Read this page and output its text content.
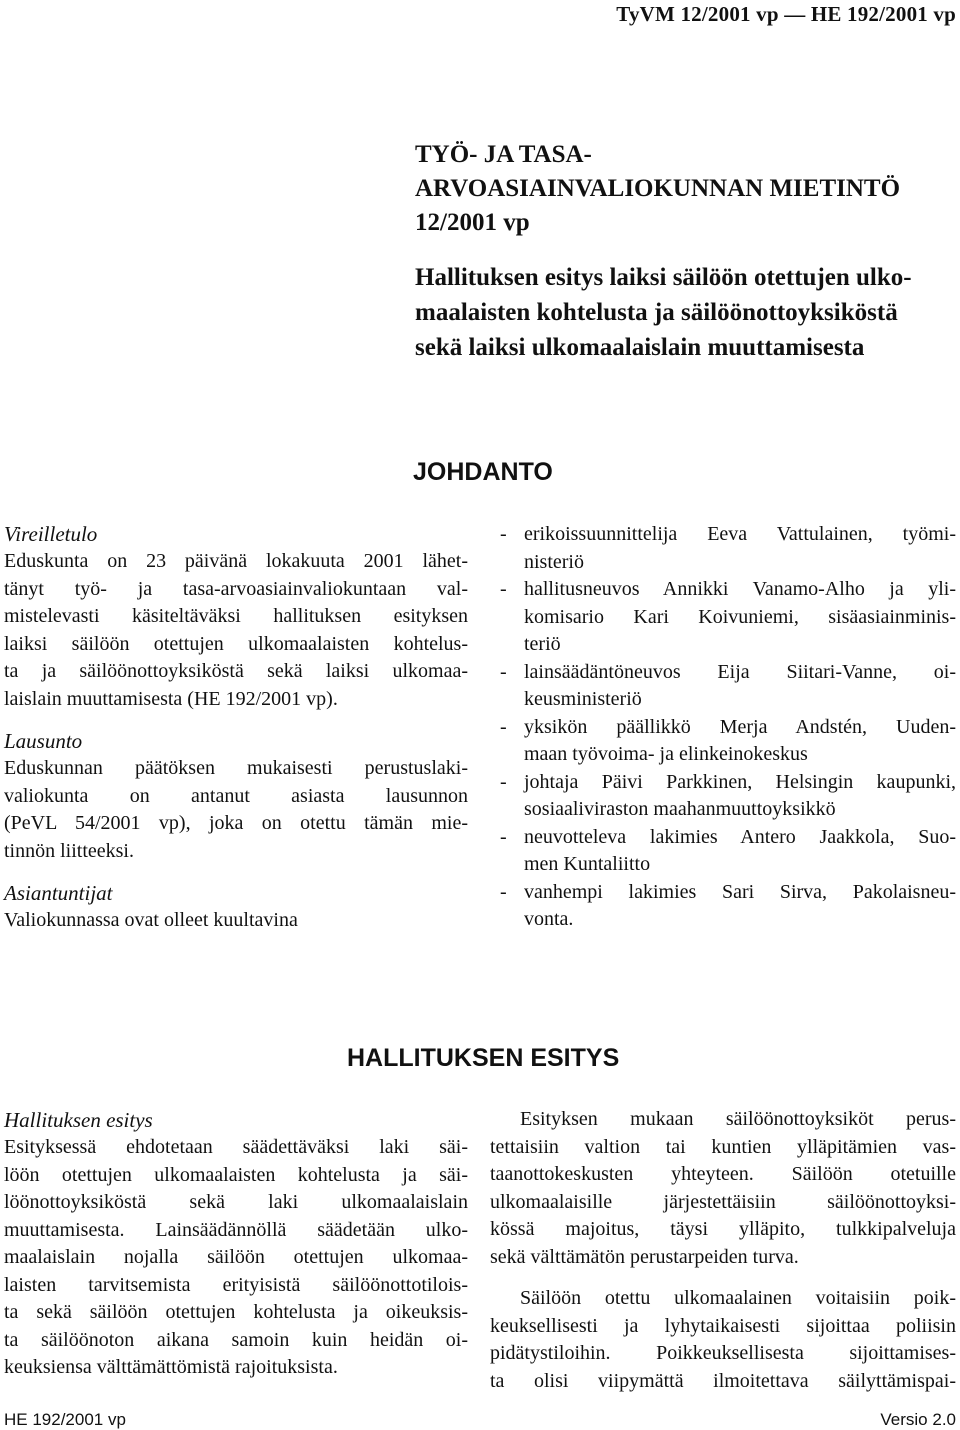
TyVM 12/2001 vp — HE 192/2001 vp
TYÖ- JA TASA-
ARVOASIAINVALIOKUNNAN MIETINTÖ
12/2001 vp
Hallituksen esitys laiksi säilöön otettujen ulko-
maalaisten kohtelusta ja säilöönottoyksiköstä
sekä laiksi ulkomaalaislain muuttamisesta
JOHDANTO
Vireilletulo
Eduskunta on 23 päivänä lokakuuta 2001 lähet-
tänyt työ- ja tasa-arvoasiainvaliokuntaan val-
mistelevasti käsiteltäväksi hallituksen esityksen
laiksi säilöön otettujen ulkomaalaisten kohtelus-
ta ja säilöönottoyksiköstä sekä laiksi ulkomaa-
laislain muuttamisesta (HE 192/2001 vp).
Lausunto
Eduskunnan päätöksen mukaisesti perustuslaki-
valiokunta on antanut asiasta lausunnon
(PeVL 54/2001 vp), joka on otettu tämän mie-
tinnön liitteeksi.
Asiantuntijat
Valiokunnassa ovat olleet kuultavina
- erikoissuunnittelija Eeva Vattulainen, työmi-
nisteriö
- hallitusneuvos Annikki Vanamo-Alho ja yli-
komisario Kari Koivuniemi, sisäasiainminis-
teriö
- lainsäädäntöneuvos Eija Siitari-Vanne, oi-
keusministeriö
- yksikön päällikkö Merja Andstén, Uuden-
maan työvoima- ja elinkeinokeskus
- johtaja Päivi Parkkinen, Helsingin kaupunki,
sosiaaliviraston maahanmuuttoyksikkö
- neuvotteleva lakimies Antero Jaakkola, Suo-
men Kuntaliitto
- vanhempi lakimies Sari Sirva, Pakolaisneu-
vonta.
HALLITUKSEN ESITYS
Hallituksen esitys
Esityksessä ehdotetaan säädettäväksi laki säi-
löön otettujen ulkomaalaisten kohtelusta ja säi-
löönottoyksiköstä sekä laki ulkomaalaislain
muuttamisesta. Lainsäädännöllä säädetään ulko-
maalaislain nojalla säilöön otettujen ulkomaa-
laisten tarvitsemista erityisistä säilöönottotilois-
ta sekä säilöön otettujen kohtelusta ja oikeuksis-
ta säilöönoton aikana samoin kuin heidän oi-
keuksiensa välttämättömistä rajoituksista.
Esityksen mukaan säilöönottoyksiköt perus-
tettaisiin valtion tai kuntien ylläpitämien vas-
taanottokeskusten yhteyteen. Säilöön otetuille
ulkomaalaisille järjestettäisiin säilöönottoyksi-
kössä majoitus, täysi ylläpito, tulkkipalveluja
sekä välttämätön perustarpeiden turva.
Säilöön otettu ulkomaalainen voitaisiin poik-
keuksellisesti ja lyhytaikaisesti sijoittaa poliisin
pidätystiloihin. Poikkeuksellisesta sijoittamises-
ta olisi viipymättä ilmoitettava säilyttämispai-
HE 192/2001 vp	Versio 2.0
